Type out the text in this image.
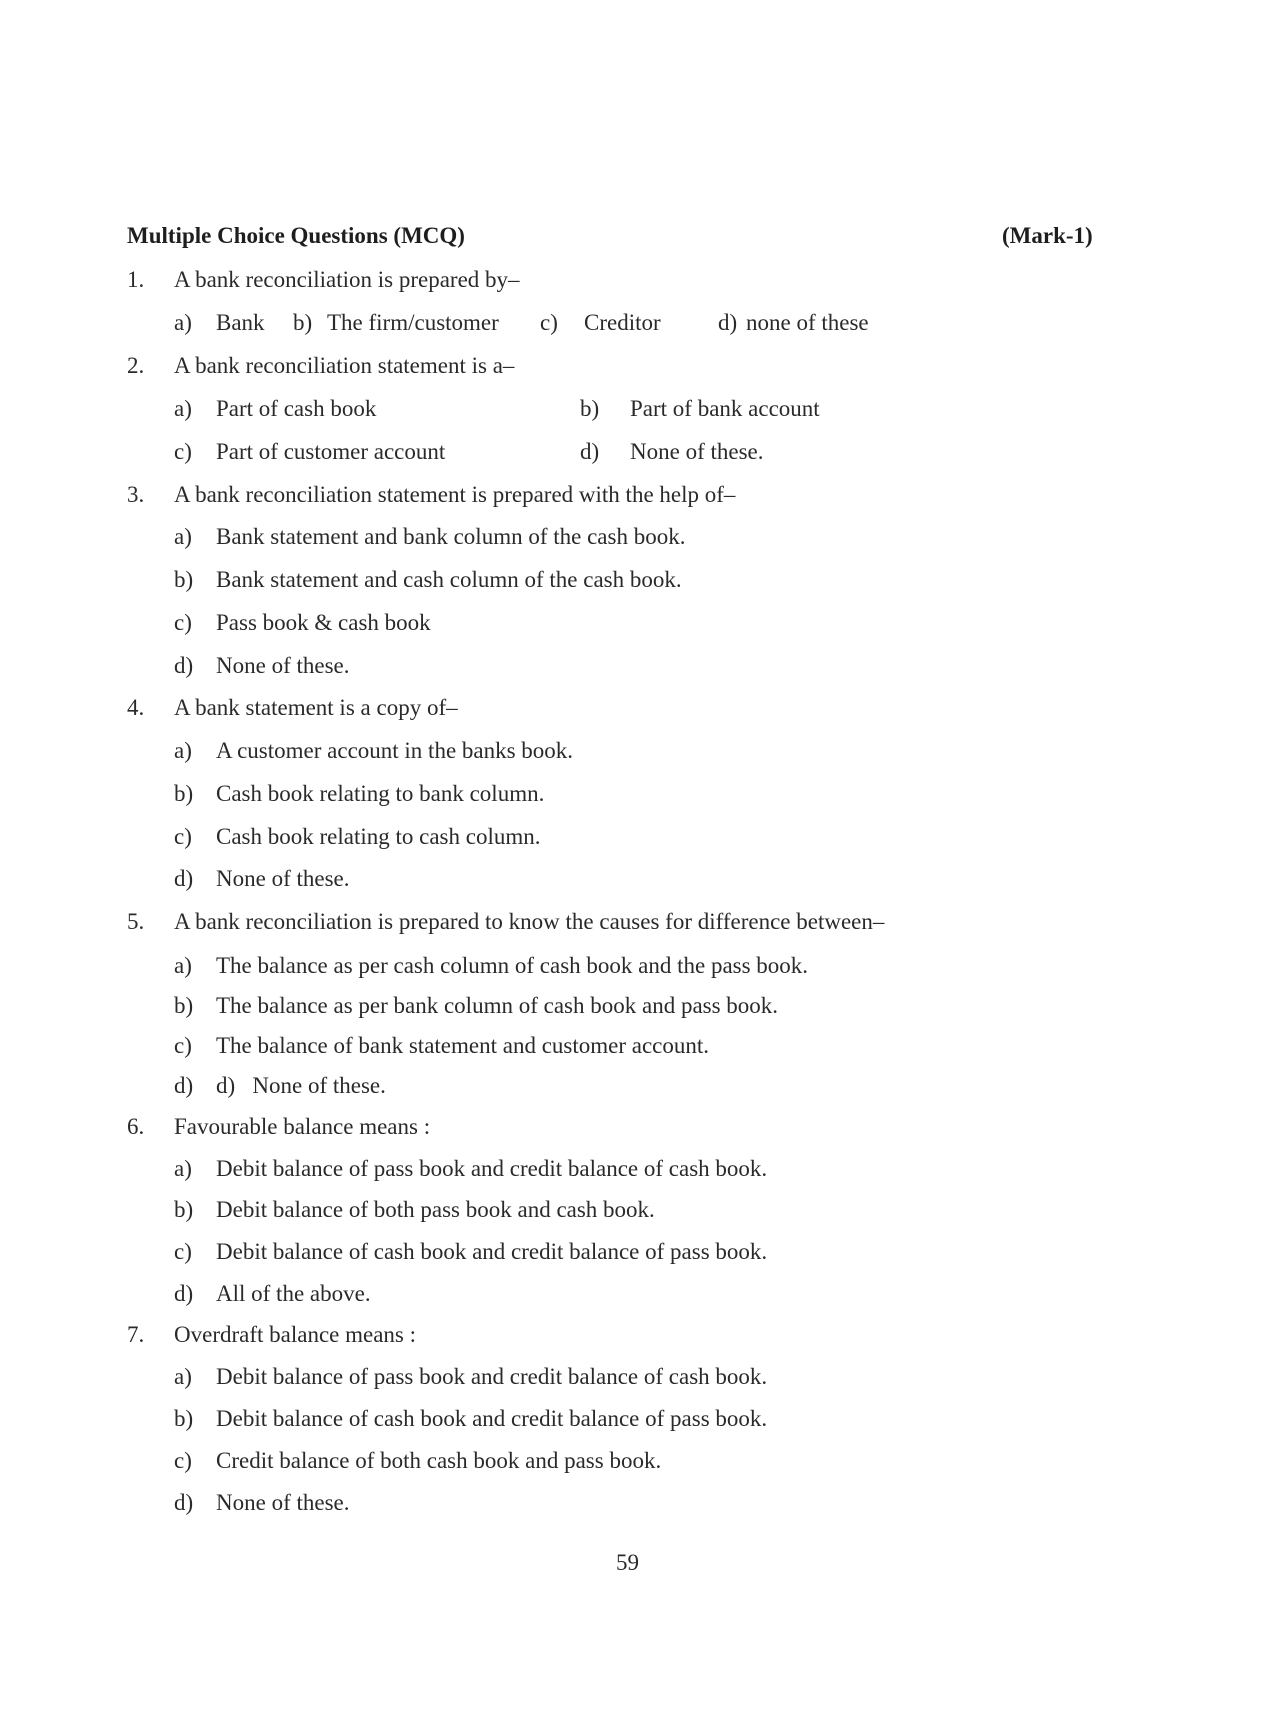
Multiple Choice Questions (MCQ)	(Mark-1)
1. A bank reconciliation is prepared by–
a) Bank b) The firm/customer c) Creditor d) none of these
2. A bank reconciliation statement is a–
a) Part of cash book	b) Part of bank account
c) Part of customer account	d) None of these.
3. A bank reconciliation statement is prepared with the help of–
a) Bank statement and bank column of the cash book.
b) Bank statement and cash column of the cash book.
c) Pass book & cash book
d) None of these.
4. A bank statement is a copy of–
a) A customer account in the banks book.
b) Cash book relating to bank column.
c) Cash book relating to cash column.
d) None of these.
5. A bank reconciliation is prepared to know the causes for difference between–
a) The balance as per cash column of cash book and the pass book.
b) The balance as per bank column of cash book and pass book.
c) The balance of bank statement and customer account.
d) d)   None of these.
6. Favourable balance means :
a) Debit balance of pass book and credit balance of cash book.
b) Debit balance of both pass book and cash book.
c) Debit balance of cash book and credit balance of pass book.
d) All of the above.
7. Overdraft balance means :
a) Debit balance of pass book and credit balance of cash book.
b) Debit balance of cash book and credit balance of pass book.
c) Credit balance of both cash book and pass book.
d) None of these.
59
